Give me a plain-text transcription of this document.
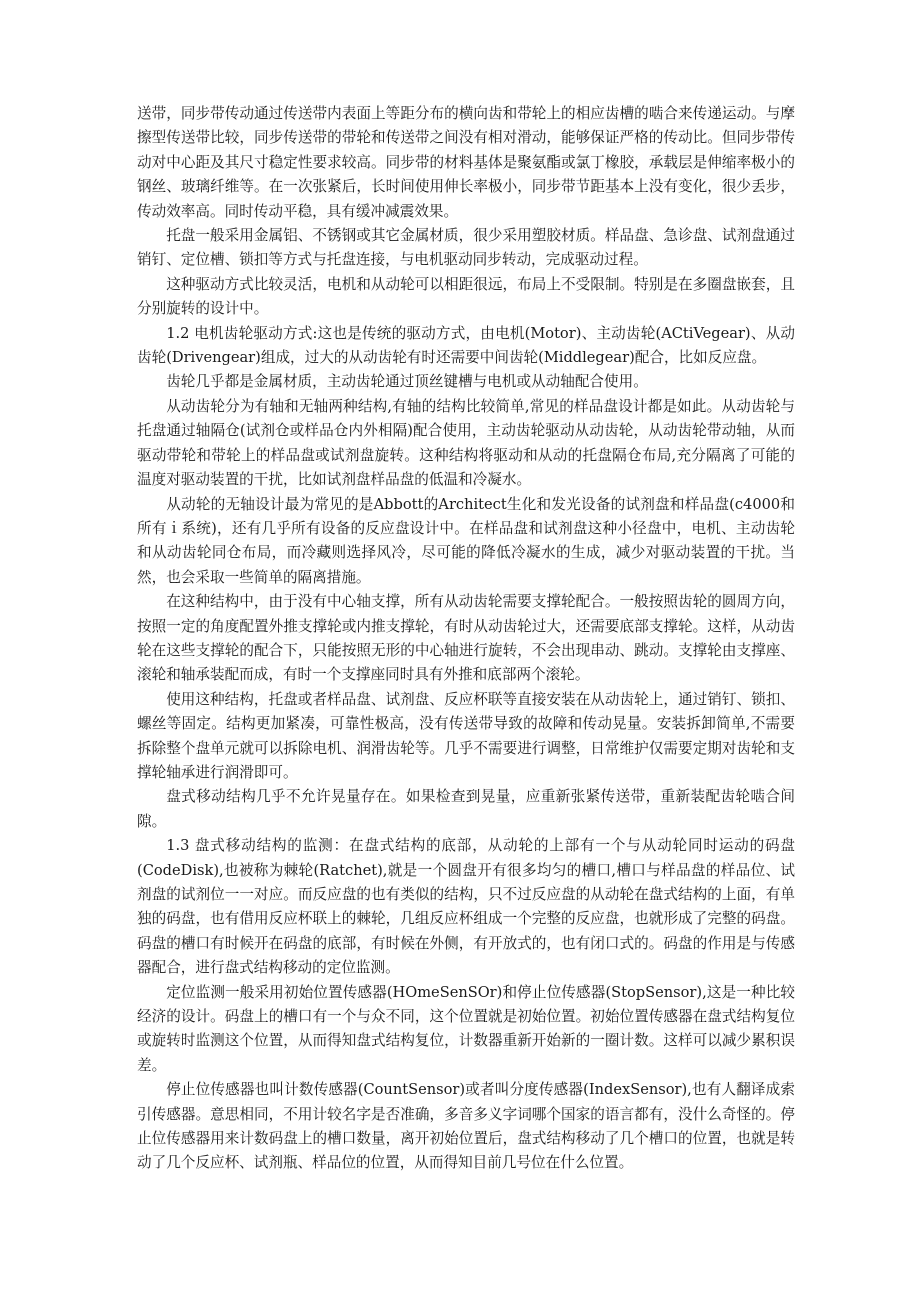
送带，同步带传动通过传送带内表面上等距分布的横向齿和带轮上的相应齿槽的啮合来传递运动。与摩擦型传送带比较，同步传送带的带轮和传送带之间没有相对滑动，能够保证严格的传动比。但同步带传动对中心距及其尺寸稳定性要求较高。同步带的材料基体是聚氨酯或氯丁橡胶，承载层是伸缩率极小的钢丝、玻璃纤维等。在一次张紧后，长时间使用伸长率极小，同步带节距基本上没有变化，很少丢步，传动效率高。同时传动平稳，具有缓冲减震效果。

托盘一般采用金属铝、不锈钢或其它金属材质，很少采用塑胶材质。样品盘、急诊盘、试剂盘通过销钉、定位槽、锁扣等方式与托盘连接，与电机驱动同步转动，完成驱动过程。

这种驱动方式比较灵活，电机和从动轮可以相距很远，布局上不受限制。特别是在多圈盘嵌套，且分别旋转的设计中。

1.2 电机齿轮驱动方式:这也是传统的驱动方式，由电机(Motor)、主动齿轮(ACtiVegear)、从动齿轮(Drivengear)组成，过大的从动齿轮有时还需要中间齿轮(Middlegear)配合，比如反应盘。

齿轮几乎都是金属材质，主动齿轮通过顶丝键槽与电机或从动轴配合使用。

从动齿轮分为有轴和无轴两种结构,有轴的结构比较简单,常见的样品盘设计都是如此。从动齿轮与托盘通过轴隔仓(试剂仓或样品仓内外相隔)配合使用，主动齿轮驱动从动齿轮，从动齿轮带动轴，从而驱动带轮和带轮上的样品盘或试剂盘旋转。这种结构将驱动和从动的托盘隔仓布局,充分隔离了可能的温度对驱动装置的干扰，比如试剂盘样品盘的低温和冷凝水。

从动轮的无轴设计最为常见的是Abbott的Architect生化和发光设备的试剂盘和样品盘(c4000和所有ｉ系统)，还有几乎所有设备的反应盘设计中。在样品盘和试剂盘这种小径盘中，电机、主动齿轮和从动齿轮同仓布局，而冷藏则选择风冷，尽可能的降低冷凝水的生成，减少对驱动装置的干扰。当然，也会采取一些简单的隔离措施。

在这种结构中，由于没有中心轴支撑，所有从动齿轮需要支撑轮配合。一般按照齿轮的圆周方向，按照一定的角度配置外推支撑轮或内推支撑轮，有时从动齿轮过大，还需要底部支撑轮。这样，从动齿轮在这些支撑轮的配合下，只能按照无形的中心轴进行旋转，不会出现串动、跳动。支撑轮由支撑座、滚轮和轴承装配而成，有时一个支撑座同时具有外推和底部两个滚轮。

使用这种结构，托盘或者样品盘、试剂盘、反应杯联等直接安装在从动齿轮上，通过销钉、锁扣、螺丝等固定。结构更加紧凑，可靠性极高，没有传送带导致的故障和传动晃量。安装拆卸简单,不需要拆除整个盘单元就可以拆除电机、润滑齿轮等。几乎不需要进行调整，日常维护仅需要定期对齿轮和支撑轮轴承进行润滑即可。

盘式移动结构几乎不允许晃量存在。如果检查到晃量，应重新张紧传送带，重新装配齿轮啮合间隙。

1.3 盘式移动结构的监测：在盘式结构的底部，从动轮的上部有一个与从动轮同时运动的码盘(CodeDisk),也被称为棘轮(Ratchet),就是一个圆盘开有很多均匀的槽口,槽口与样品盘的样品位、试剂盘的试剂位一一对应。而反应盘的也有类似的结构，只不过反应盘的从动轮在盘式结构的上面，有单独的码盘，也有借用反应杯联上的棘轮，几组反应杯组成一个完整的反应盘，也就形成了完整的码盘。码盘的槽口有时候开在码盘的底部，有时候在外侧，有开放式的，也有闭口式的。码盘的作用是与传感器配合，进行盘式结构移动的定位监测。

定位监测一般采用初始位置传感器(HOmeSenSOr)和停止位传感器(StopSensor),这是一种比较经济的设计。码盘上的槽口有一个与众不同，这个位置就是初始位置。初始位置传感器在盘式结构复位或旋转时监测这个位置，从而得知盘式结构复位，计数器重新开始新的一圈计数。这样可以减少累积误差。

停止位传感器也叫计数传感器(CountSensor)或者叫分度传感器(IndexSensor),也有人翻译成索引传感器。意思相同，不用计较名字是否准确，多音多义字词哪个国家的语言都有，没什么奇怪的。停止位传感器用来计数码盘上的槽口数量，离开初始位置后，盘式结构移动了几个槽口的位置，也就是转动了几个反应杯、试剂瓶、样品位的位置，从而得知目前几号位在什么位置。
